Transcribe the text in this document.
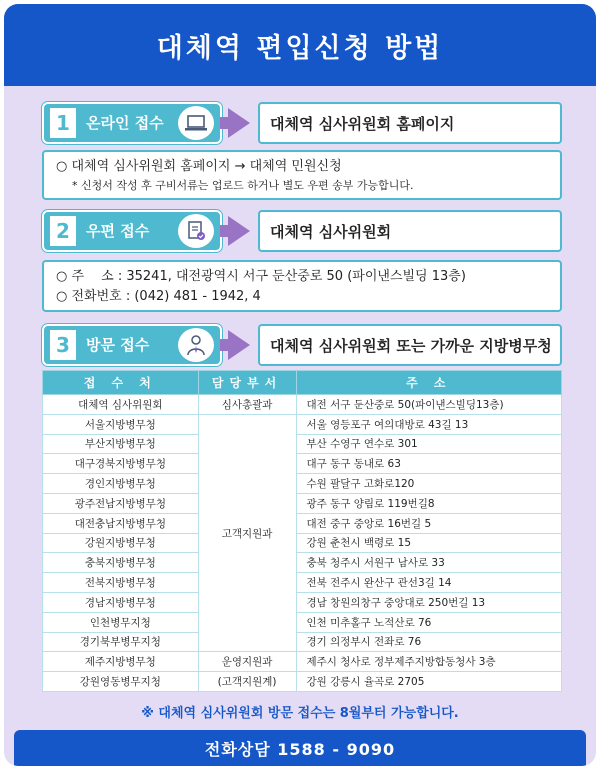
대체역 편입신청 방법
1	온라인 접수	대체역 심사위원회 홈페이지
○ 대체역 심사위원회 홈페이지 → 대체역 민원신청
* 신청서 작성 후 구비서류는 업로드 하거나 별도 우편 송부 가능합니다.
2	우편 접수	대체역 심사위원회
○ 주　 소 : 35241, 대전광역시 서구 둔산중로 50 (파이낸스빌딩 13층)
○ 전화번호 : (042) 481 - 1942, 4
3	방문 접수	대체역 심사위원회 또는 가까운 지방병무청
접 수 처	담당부서	주 소
대체역 심사위원회	심사총괄과	대전 서구 둔산중로 50(파이낸스빌딩13층)
서울지방병무청	고객지원과	서울 영등포구 여의대방로 43길 13
부산지방병무청		부산 수영구 연수로 301
대구경북지방병무청		대구 동구 동내로 63
경인지방병무청		수원 팔달구 고화로120
광주전남지방병무청		광주 동구 양림로 119번길8
대전충남지방병무청		대전 중구 중앙로 16번길 5
강원지방병무청		강원 춘천시 백령로 15
충북지방병무청		충북 청주시 서원구 남사로 33
전북지방병무청		전북 전주시 완산구 관선3길 14
경남지방병무청		경남 창원의창구 중앙대로 250번길 13
인천병무지청		인천 미추홀구 노적산로 76
경기북부병무지청		경기 의정부시 전좌로 76
제주지방병무청	운영지원과	제주시 청사로 정부제주지방합동청사 3층
강원영동병무지청	(고객지원계)	강원 강릉시 율곡로 2705
※ 대체역 심사위원회 방문 접수는 8월부터 가능합니다.
전화상담 1588 - 9090
